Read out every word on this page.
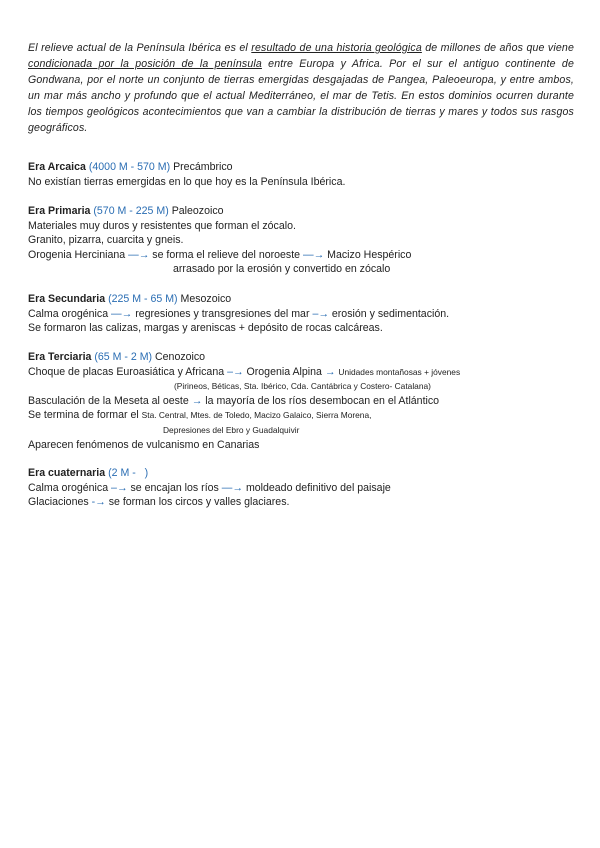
El relieve actual de la Península Ibérica es el resultado de una historia geológica de millones de años que viene condicionada por la posición de la península entre Europa y Africa. Por el sur el antiguo continente de Gondwana, por el norte un conjunto de tierras emergidas desgajadas de Pangea, Paleoeuropa, y entre ambos, un mar más ancho y profundo que el actual Mediterráneo, el mar de Tetis. En estos dominios ocurren durante los tiempos geológicos acontecimientos que van a cambiar la distribución de tierras y mares y todos sus rasgos geográficos.
Era Arcaica (4000 M - 570 M) Precámbrico
No existían tierras emergidas en lo que hoy es la Península Ibérica.
Era Primaria (570 M - 225 M) Paleozoico
Materiales muy duros y resistentes que forman el zócalo.
Granito, pizarra, cuarcita y gneis.
Orogenia Herciniana —→ se forma el relieve del noroeste —→ Macizo Hespérico
arrasado por la erosión y convertido en zócalo
Era Secundaria (225 M - 65 M) Mesozoico
Calma orogénica —→ regresiones y transgresiones del mar –→ erosión y sedimentación.
Se formaron las calizas, margas y areniscas + depósito de rocas calcáreas.
Era Terciaria (65 M - 2 M) Cenozoico
Choque de placas Euroasiática y Africana –→ Orogenia Alpina → Unidades montañosas + jóvenes
(Pirineos, Béticas, Sta. Ibérico, Cda. Cantábrica y Costero- Catalana)
Basculación de la Meseta al oeste → la mayoría de los ríos desembocan en el Atlántico
Se termina de formar el Sta. Central, Mtes. de Toledo, Macizo Galaico, Sierra Morena,
Depresiones del Ebro y Guadalquivir
Aparecen fenómenos de vulcanismo en Canarias
Era cuaternaria (2 M -   )
Calma orogénica –→ se encajan los ríos —→ moldeado definitivo del paisaje
Glaciaciones -→ se forman los circos y valles glaciares.
